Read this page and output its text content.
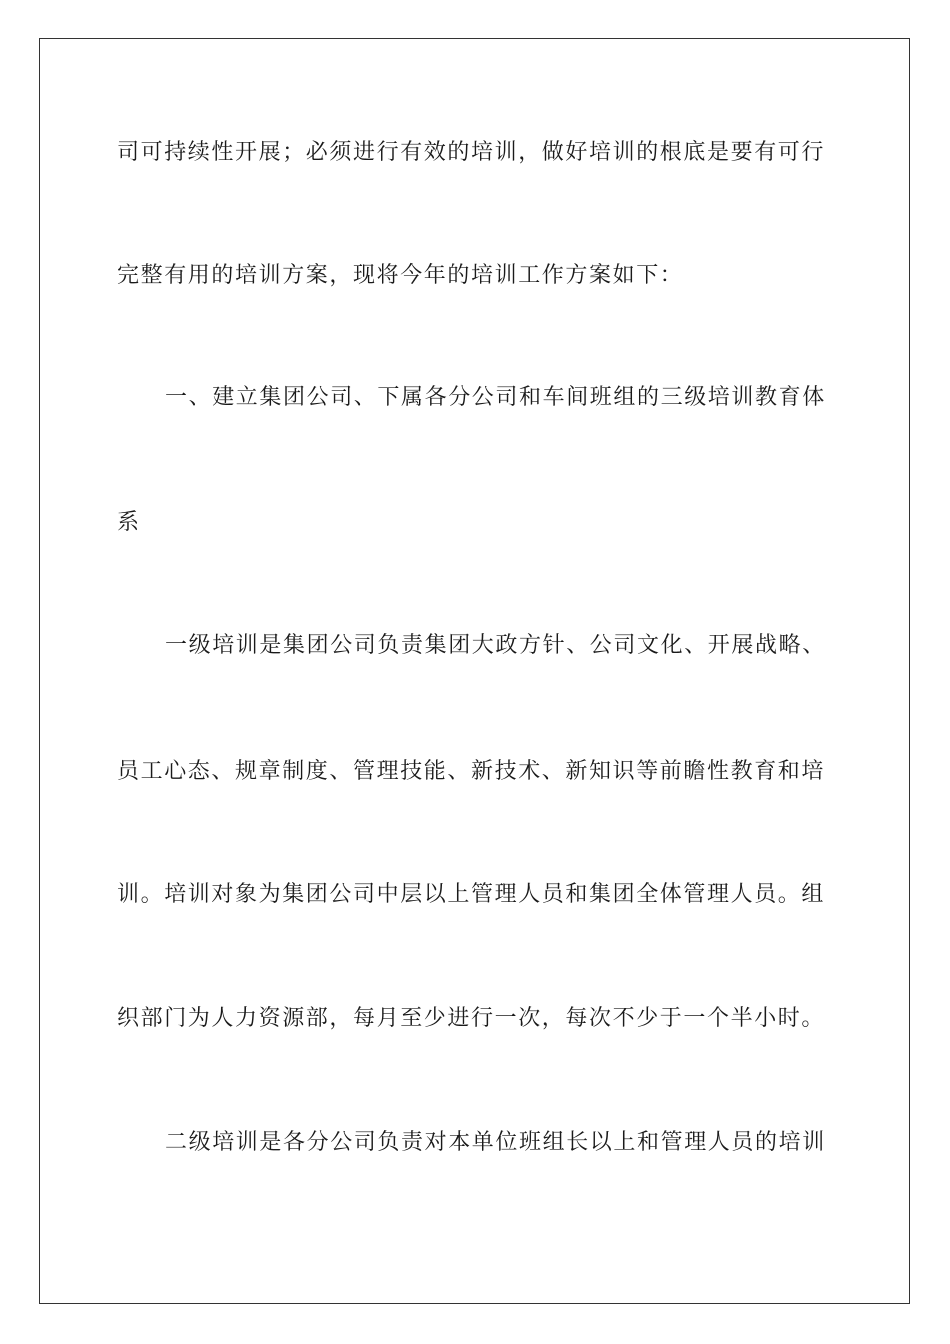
司可持续性开展；必须进行有效的培训，做好培训的根底是要有可行
完整有用的培训方案，现将今年的培训工作方案如下：
一、建立集团公司、下属各分公司和车间班组的三级培训教育体
系
一级培训是集团公司负责集团大政方针、公司文化、开展战略、
员工心态、规章制度、管理技能、新技术、新知识等前瞻性教育和培
训。培训对象为集团公司中层以上管理人员和集团全体管理人员。组
织部门为人力资源部，每月至少进行一次，每次不少于一个半小时。
二级培训是各分公司负责对本单位班组长以上和管理人员的培训
